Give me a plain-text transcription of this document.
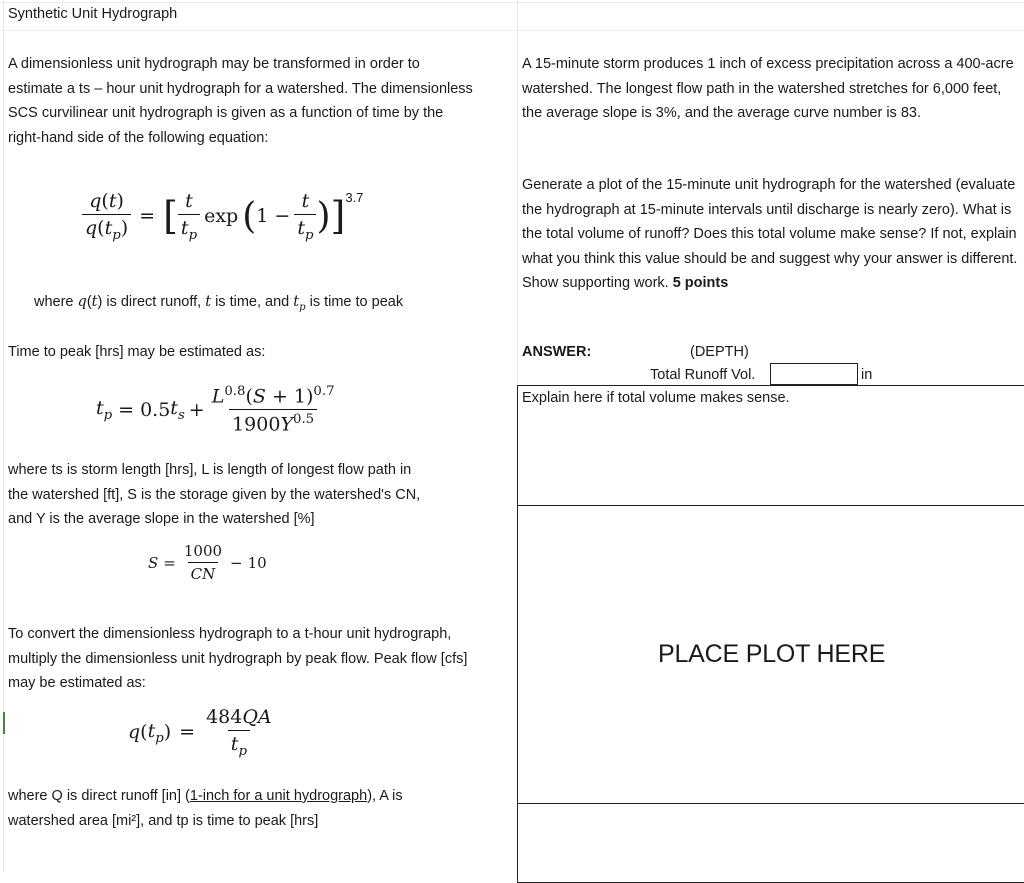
Synthetic Unit Hydrograph
A dimensionless unit hydrograph may be transformed in order to estimate a ts – hour unit hydrograph for a watershed. The dimensionless SCS curvilinear unit hydrograph is given as a function of time by the right-hand side of the following equation:
$\frac{q(t)}{q(t_p)}$ = [ $\frac{t}{t_p}$ exp ( $1 - \frac{t}{t_p}$ ) ] 3.7
where q(t) is direct runoff, t is time, and $t_p$ is time to peak
Time to peak [hrs] may be estimated as:
$t_p = 0.5$ $t_s + \frac{L^{0.8}(S + 1)^{0.7}}{1900Y^{0.5}}$
where ts is storm length [hrs], L is length of longest flow path in
the watershed [ft], S is the storage given by the watershed's CN,
and Y is the average slope in the watershed [%]
$S = \frac{1000}{CN} - 10$
To convert the dimensionless hydrograph to a t-hour unit hydrograph, multiply the dimensionless unit hydrograph by peak flow. Peak flow [cfs] may be estimated as:
q ( $t_p$ ) = $\frac{484QA}{t_p}$
where Q is direct runoff [in] (1-inch for a unit hydrograph), A is
watershed area [mi²], and tp is time to peak [hrs]
A 15-minute storm produces 1 inch of excess precipitation across a 400-acre watershed. The longest flow path in the watershed stretches for 6,000 feet, the average slope is 3%, and the average curve number is 83.
Generate a plot of the 15-minute unit hydrograph for the watershed (evaluate the hydrograph at 15-minute intervals until discharge is nearly zero). What is the total volume of runoff? Does this total volume make sense? If not, explain what you think this value should be and suggest why your answer is different. Show supporting work. 5 points
ANSWER:	(DEPTH)
Total Runoff Vol.	in
Explain here if total volume makes sense.
PLACE PLOT HERE
